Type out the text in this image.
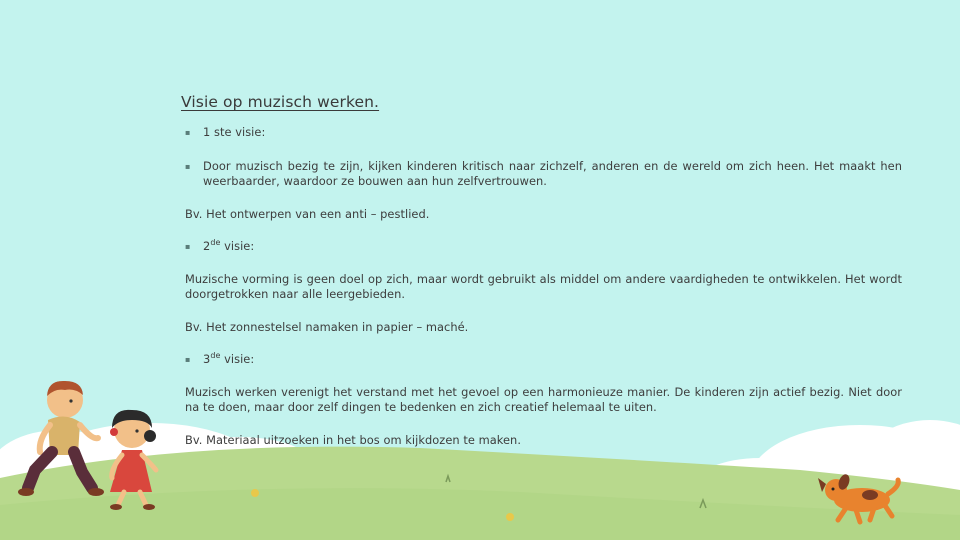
Visie op muzisch werken.

▪ 1 ste visie:

▪ Door muzisch bezig te zijn, kijken kinderen kritisch naar zichzelf, anderen en de wereld om zich heen. Het maakt hen weerbaarder, waardoor ze bouwen aan hun zelfvertrouwen.

Bv. Het ontwerpen van een anti – pestlied.

▪ 2de visie:

Muzische vorming is geen doel op zich, maar wordt gebruikt als middel om andere vaardigheden te ontwikkelen. Het wordt doorgetrokken naar alle leergebieden.

Bv. Het zonnestelsel namaken in papier – maché.

▪ 3de visie:

Muzisch werken verenigt het verstand met het gevoel op een harmonieuze manier. De kinderen zijn actief bezig. Niet door na te doen, maar door zelf dingen te bedenken en zich creatief helemaal te uiten.

Bv. Materiaal uitzoeken in het bos om kijkdozen te maken.
